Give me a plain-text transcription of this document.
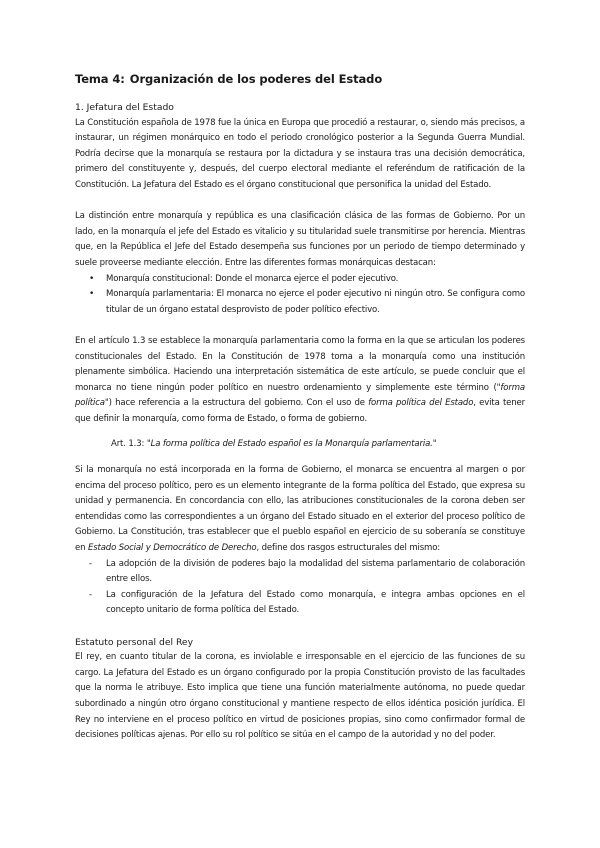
Tema 4: Organización de los poderes del Estado
1. Jefatura del Estado

La Constitución española de 1978 fue la única en Europa que procedió a restaurar, o, siendo más precisos, a instaurar, un régimen monárquico en todo el periodo cronológico posterior a la Segunda Guerra Mundial. Podría decirse que la monarquía se restaura por la dictadura y se instaura tras una decisión democrática, primero del constituyente y, después, del cuerpo electoral mediante el referéndum de ratificación de la Constitución. La Jefatura del Estado es el órgano constitucional que personifica la unidad del Estado.

La distinción entre monarquía y república es una clasificación clásica de las formas de Gobierno. Por un lado, en la monarquía el jefe del Estado es vitalicio y su titularidad suele transmitirse por herencia. Mientras que, en la República el Jefe del Estado desempeña sus funciones por un periodo de tiempo determinado y suele proveerse mediante elección. Entre las diferentes formas monárquicas destacan:

• Monarquía constitucional: Donde el monarca ejerce el poder ejecutivo.
• Monarquía parlamentaria: El monarca no ejerce el poder ejecutivo ni ningún otro. Se configura como titular de un órgano estatal desprovisto de poder político efectivo.

En el artículo 1.3 se establece la monarquía parlamentaria como la forma en la que se articulan los poderes constitucionales del Estado. En la Constitución de 1978 toma a la monarquía como una institución plenamente simbólica. Haciendo una interpretación sistemática de este artículo, se puede concluir que el monarca no tiene ningún poder político en nuestro ordenamiento y simplemente este término ("forma política") hace referencia a la estructura del gobierno. Con el uso de forma política del Estado, evita tener que definir la monarquía, como forma de Estado, o forma de gobierno.

Art. 1.3: "La forma política del Estado español es la Monarquía parlamentaria."

Si la monarquía no está incorporada en la forma de Gobierno, el monarca se encuentra al margen o por encima del proceso político, pero es un elemento integrante de la forma política del Estado, que expresa su unidad y permanencia. En concordancia con ello, las atribuciones constitucionales de la corona deben ser entendidas como las correspondientes a un órgano del Estado situado en el exterior del proceso político de Gobierno. La Constitución, tras establecer que el pueblo español en ejercicio de su soberanía se constituye en Estado Social y Democrático de Derecho, define dos rasgos estructurales del mismo:

- La adopción de la división de poderes bajo la modalidad del sistema parlamentario de colaboración entre ellos.
- La configuración de la Jefatura del Estado como monarquía, e integra ambas opciones en el concepto unitario de forma política del Estado.
Estatuto personal del Rey

El rey, en cuanto titular de la corona, es inviolable e irresponsable en el ejercicio de las funciones de su cargo. La Jefatura del Estado es un órgano configurado por la propia Constitución provisto de las facultades que la norma le atribuye. Esto implica que tiene una función materialmente autónoma, no puede quedar subordinado a ningún otro órgano constitucional y mantiene respecto de ellos idéntica posición jurídica. El Rey no interviene en el proceso político en virtud de posiciones propias, sino como confirmador formal de decisiones políticas ajenas. Por ello su rol político se sitúa en el campo de la autoridad y no del poder.
